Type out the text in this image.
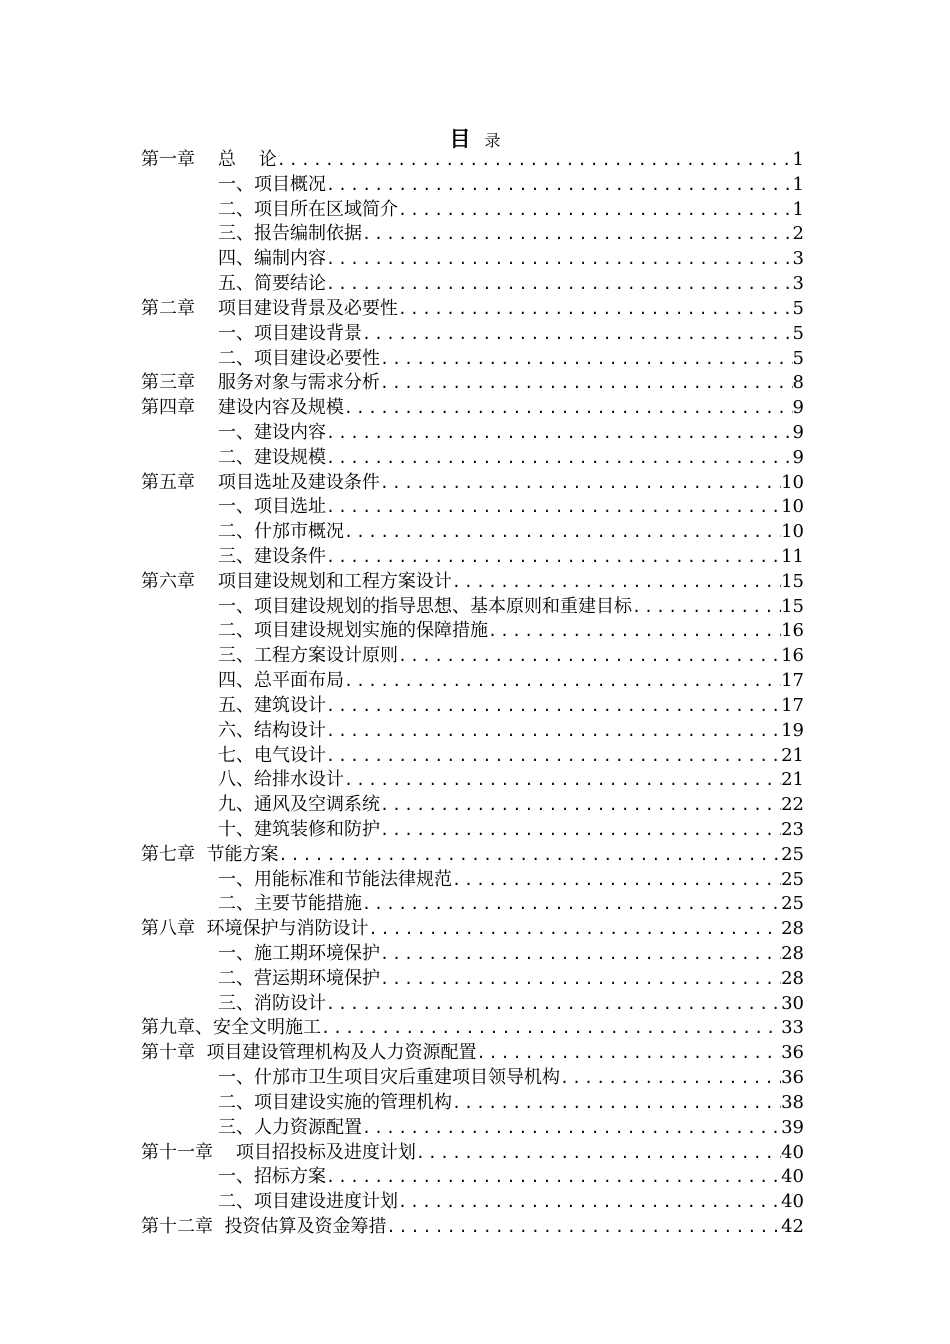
目 录
第一章    总    论 .....	1
一、项目概况 .....	1
二、项目所在区域简介 .....	1
三、报告编制依据 .....	2
四、编制内容 .....	3
五、简要结论 .....	3
第二章    项目建设背景及必要性 .....	5
一、项目建设背景 .....	5
二、项目建设必要性 .....	5
第三章    服务对象与需求分析 .....	8
第四章    建设内容及规模 .....	9
一、建设内容 .....	9
二、建设规模 .....	9
第五章    项目选址及建设条件 .....	10
一、项目选址 .....	10
二、什邡市概况 .....	10
三、建设条件 .....	11
第六章    项目建设规划和工程方案设计 .....	15
一、项目建设规划的指导思想、基本原则和重建目标 .....	15
二、项目建设规划实施的保障措施 .....	16
三、工程方案设计原则 .....	16
四、总平面布局 .....	17
五、建筑设计 .....	17
六、结构设计 .....	19
七、电气设计 .....	21
八、给排水设计 .....	21
九、通风及空调系统 .....	22
十、建筑装修和防护 .....	23
第七章  节能方案 .....	25
一、用能标准和节能法律规范 .....	25
二、主要节能措施 .....	25
第八章  环境保护与消防设计 .....	28
一、施工期环境保护 .....	28
二、营运期环境保护 .....	28
三、消防设计 .....	30
第九章、安全文明施工 .....	33
第十章  项目建设管理机构及人力资源配置 .....	36
一、什邡市卫生项目灾后重建项目领导机构 .....	36
二、项目建设实施的管理机构 .....	38
三、人力资源配置 .....	39
第十一章    项目招投标及进度计划 .....	40
一、招标方案 .....	40
二、项目建设进度计划 .....	40
第十二章  投资估算及资金筹措 .....	42
